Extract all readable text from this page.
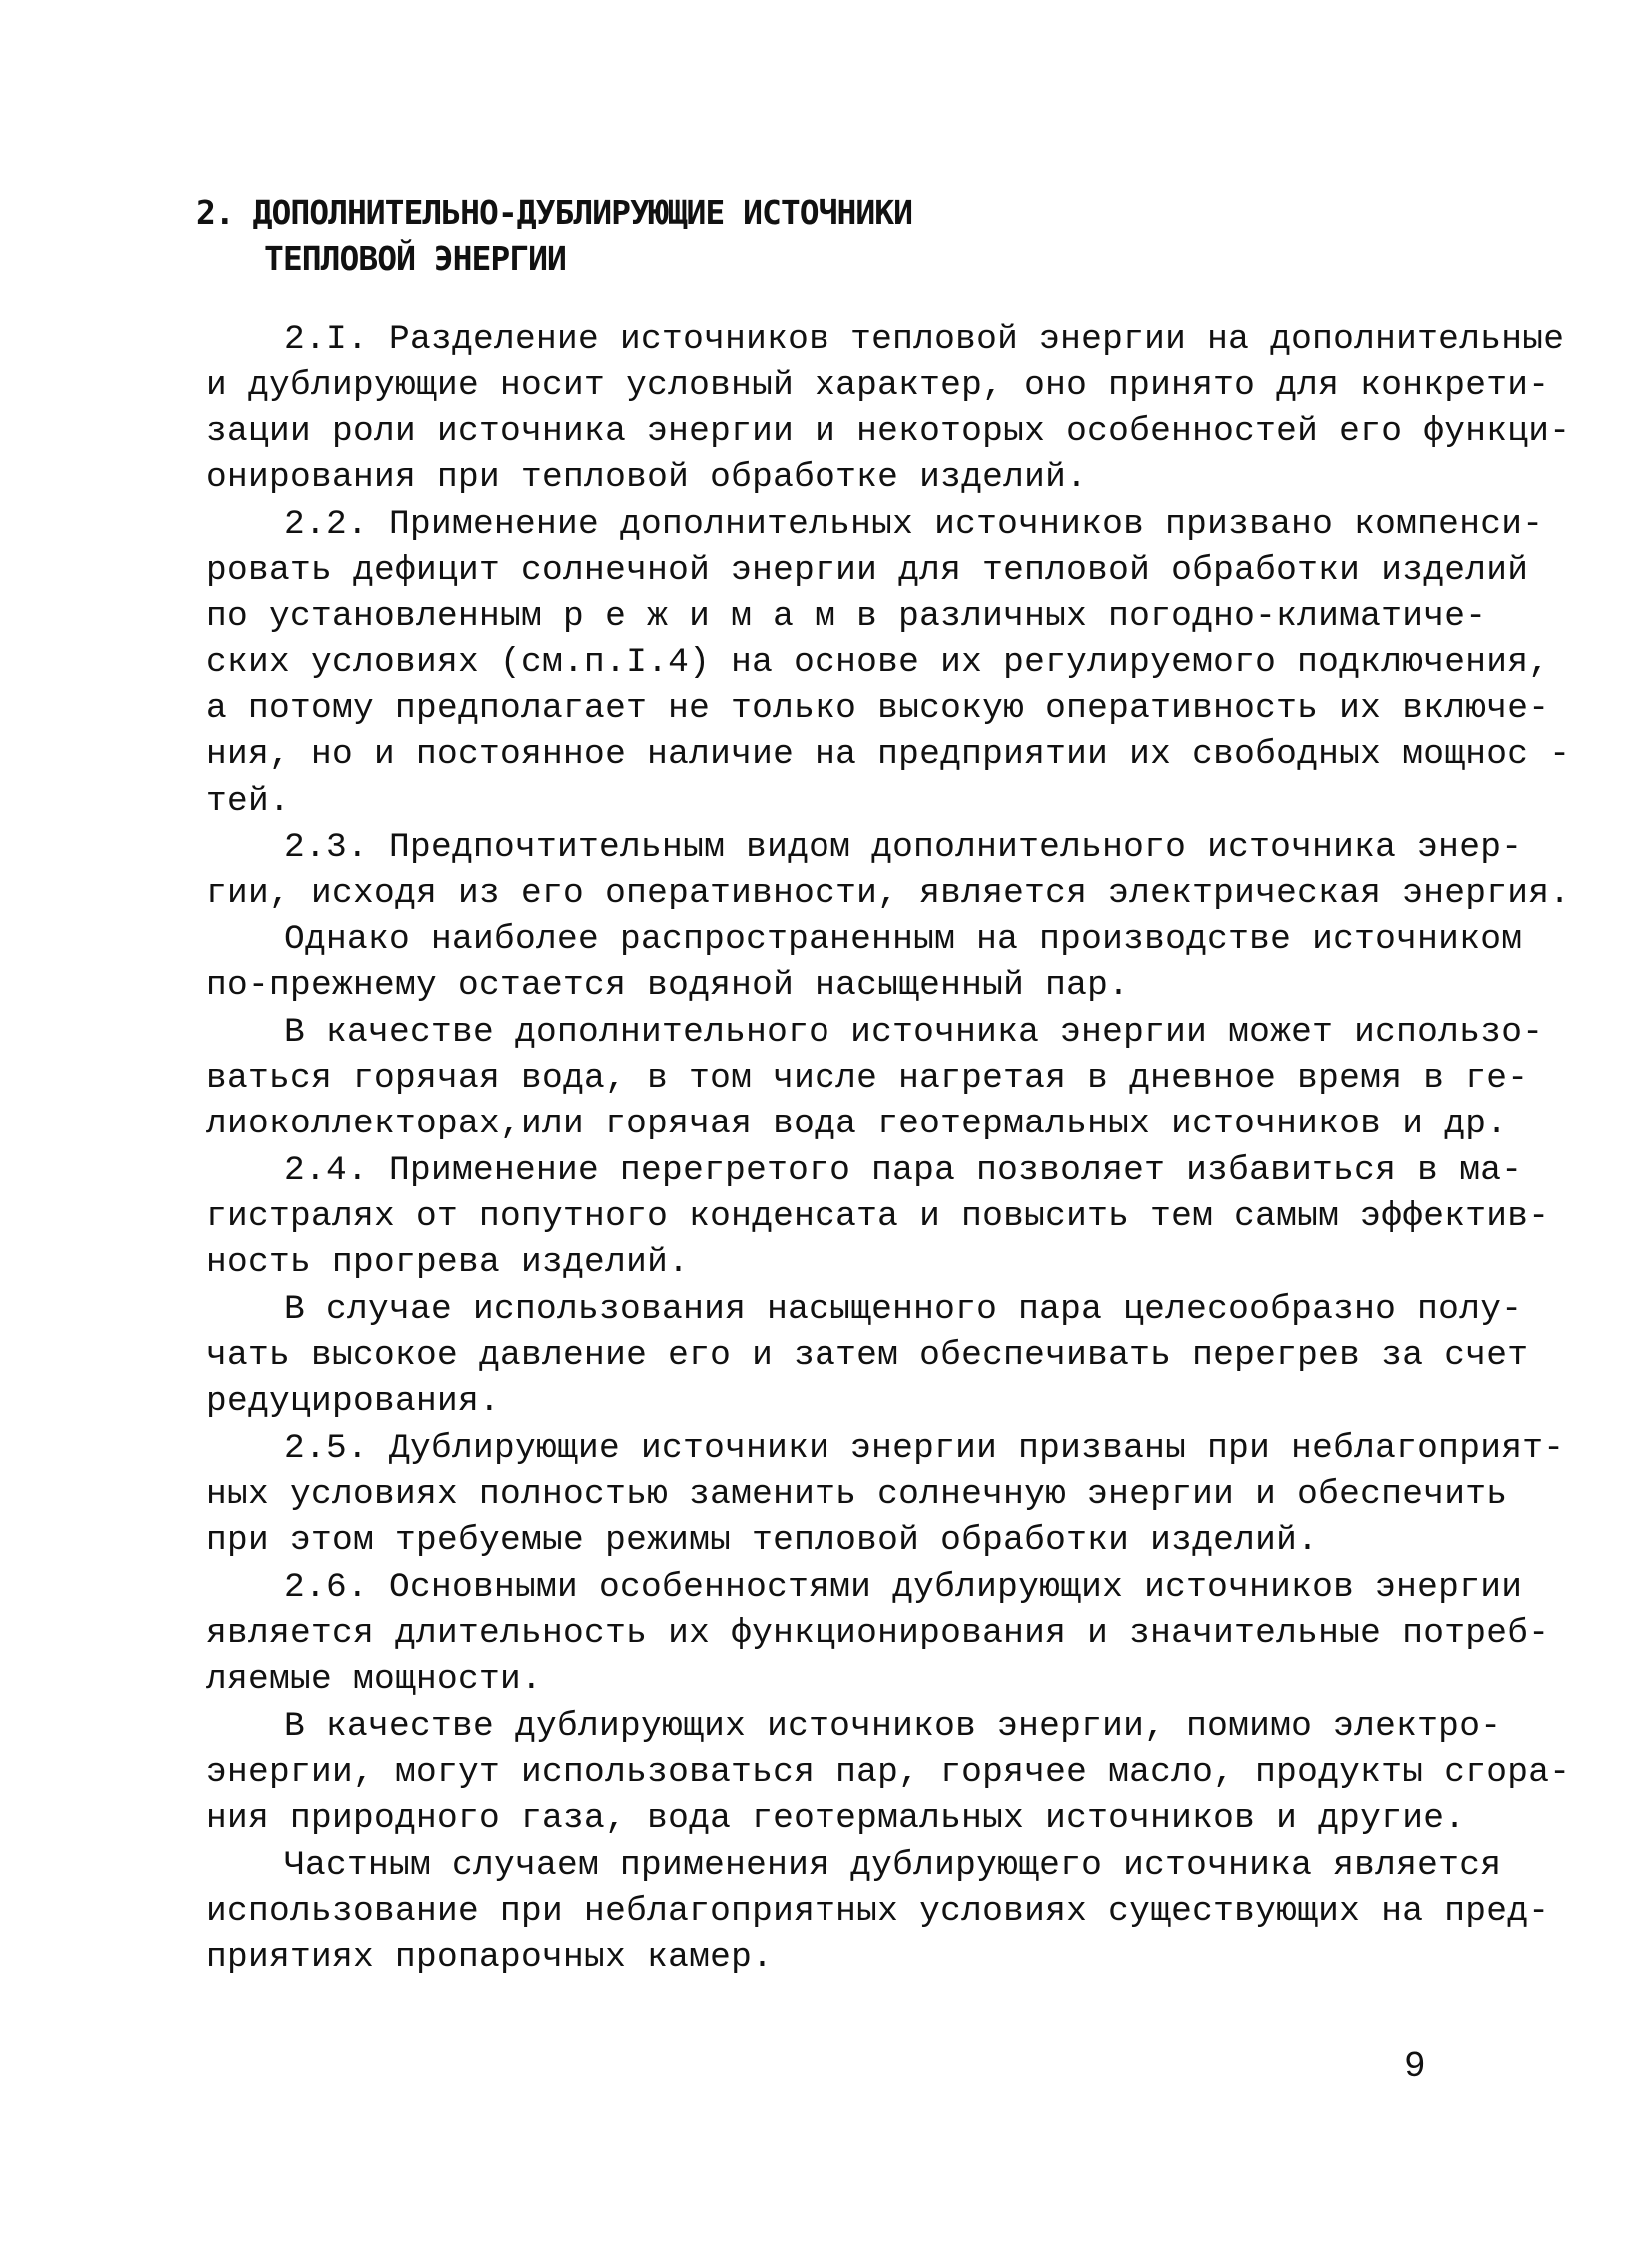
2. ДОПОЛНИТЕЛЬНО-ДУБЛИРУЮЩИЕ ИСТОЧНИКИ
ТЕПЛОВОЙ ЭНЕРГИИ
2.I. Разделение источников тепловой энергии на дополнительные
и дублирующие носит условный характер, оно принято для конкрети-
зации роли источника энергии и некоторых особенностей его функци-
онирования при тепловой обработке изделий.
2.2. Применение дополнительных источников призвано компенси-
ровать дефицит солнечной энергии для тепловой обработки изделий
по установленным р е ж и м а м в различных погодно-климатиче-
ских условиях (см.п.I.4) на основе их регулируемого подключения,
а потому предполагает не только высокую оперативность их включе-
ния, но и постоянное наличие на предприятии их свободных мощнос -
тей.
2.3. Предпочтительным видом дополнительного источника энер-
гии, исходя из его оперативности, является электрическая энергия.
Однако наиболее распространенным на производстве источником
по-прежнему остается водяной насыщенный пар.
В качестве дополнительного источника энергии может использо-
ваться горячая вода, в том числе нагретая в дневное время в ге-
лиоколлекторах,или горячая вода геотермальных источников и др.
2.4. Применение перегретого пара позволяет избавиться в ма-
гистралях от попутного конденсата и повысить тем самым эффектив-
ность прогрева изделий.
В случае использования насыщенного пара целесообразно полу-
чать высокое давление его и затем обеспечивать перегрев за счет
редуцирования.
2.5. Дублирующие источники энергии призваны при неблагоприят-
ных условиях полностью заменить солнечную энергии и обеспечить
при этом требуемые режимы тепловой обработки изделий.
2.6. Основными особенностями дублирующих источников энергии
является длительность их функционирования и значительные потреб-
ляемые мощности.
В качестве дублирующих источников энергии, помимо электро-
энергии, могут использоваться пар, горячее масло, продукты сгора-
ния природного газа, вода геотермальных источников и другие.
Частным случаем применения дублирующего источника является
использование при неблагоприятных условиях существующих на пред-
приятиях пропарочных камер.
9
